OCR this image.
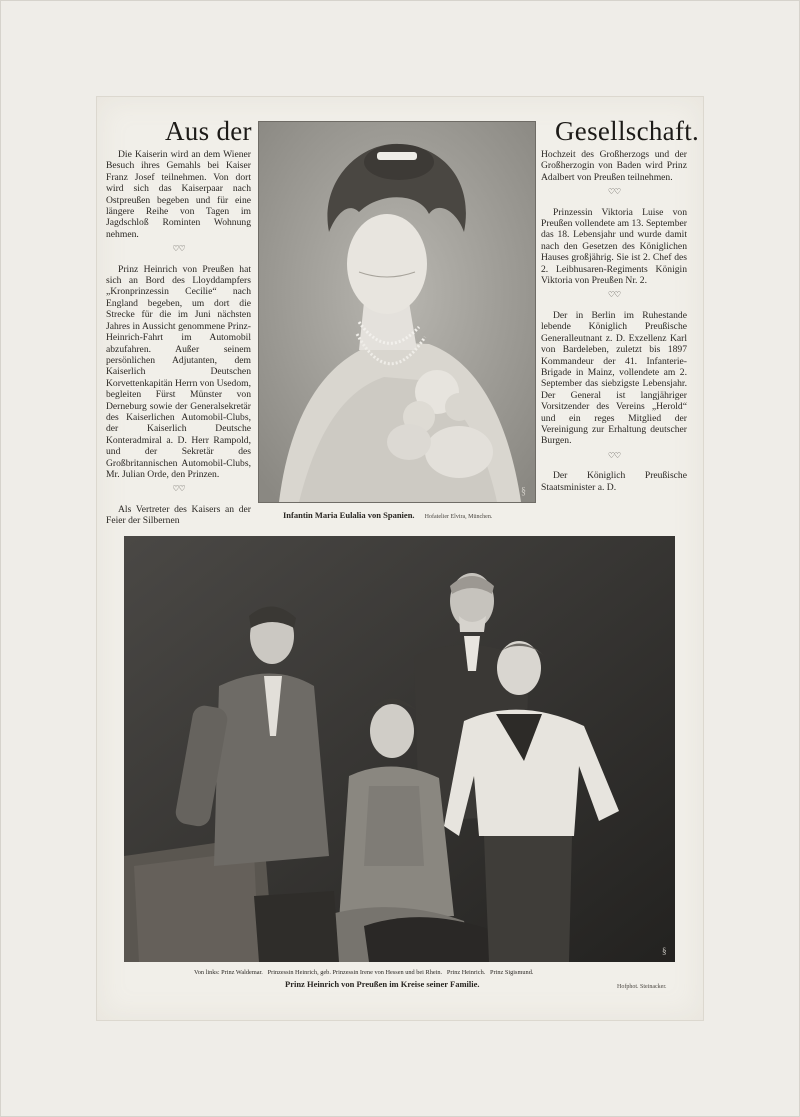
Aus der	Gesellschaft.

Die Kaiserin wird an dem Wiener Besuch ihres Gemahls bei Kaiser Franz Josef teilnehmen. Von dort wird sich das Kaiserpaar nach Ostpreußen begeben und für eine längere Reihe von Tagen im Jagdschloß Rominten Wohnung nehmen.

♡♡

Prinz Heinrich von Preußen hat sich an Bord des Lloyddampfers „Kronprinzessin Cecilie“ nach England begeben, um dort die Strecke für die im Juni nächsten Jahres in Aussicht genommene Prinz-Heinrich-Fahrt im Automobil abzufahren. Außer seinem persönlichen Adjutanten, dem Kaiserlich Deutschen Korvettenkapitän Herrn von Usedom, begleiten Fürst Münster von Derneburg sowie der Generalsekretär des Kaiserlichen Automobil-Clubs, der Kaiserlich Deutsche Konteradmiral a. D. Herr Rampold, und der Sekretär des Großbritannischen Automobil-Clubs, Mr. Julian Orde, den Prinzen.

♡♡

Als Vertreter des Kaisers an der Feier der Silbernen

Hochzeit des Großherzogs und der Großherzogin von Baden wird Prinz Adalbert von Preußen teilnehmen.

♡♡

Prinzessin Viktoria Luise von Preußen vollendete am 13. September das 18. Lebensjahr und wurde damit nach den Gesetzen des Königlichen Hauses großjährig. Sie ist 2. Chef des 2. Leibhusaren-Regiments Königin Viktoria von Preußen Nr. 2.

♡♡

Der in Berlin im Ruhestande lebende Königlich Preußische Generalleutnant z. D. Exzellenz Karl von Bardeleben, zuletzt bis 1897 Kommandeur der 41. Infanterie-Brigade in Mainz, vollendete am 2. September das siebzigste Lebensjahr. Der General ist langjähriger Vorsitzender des Vereins „Herold“ und ein reges Mitglied der Vereinigung zur Erhaltung deutscher Burgen.

♡♡

Der Königlich Preußische Staatsminister a. D.

§
Infantin Maria Eulalia von Spanien. Hofatelier Elvira, München.
§
Von links: Prinz Waldemar.   Prinzessin Heinrich, geb. Prinzessin Irene von Hessen und bei Rhein.   Prinz Heinrich.   Prinz Sigismund.
Prinz Heinrich von Preußen im Kreise seiner Familie.	Hofphot. Steinacker.
